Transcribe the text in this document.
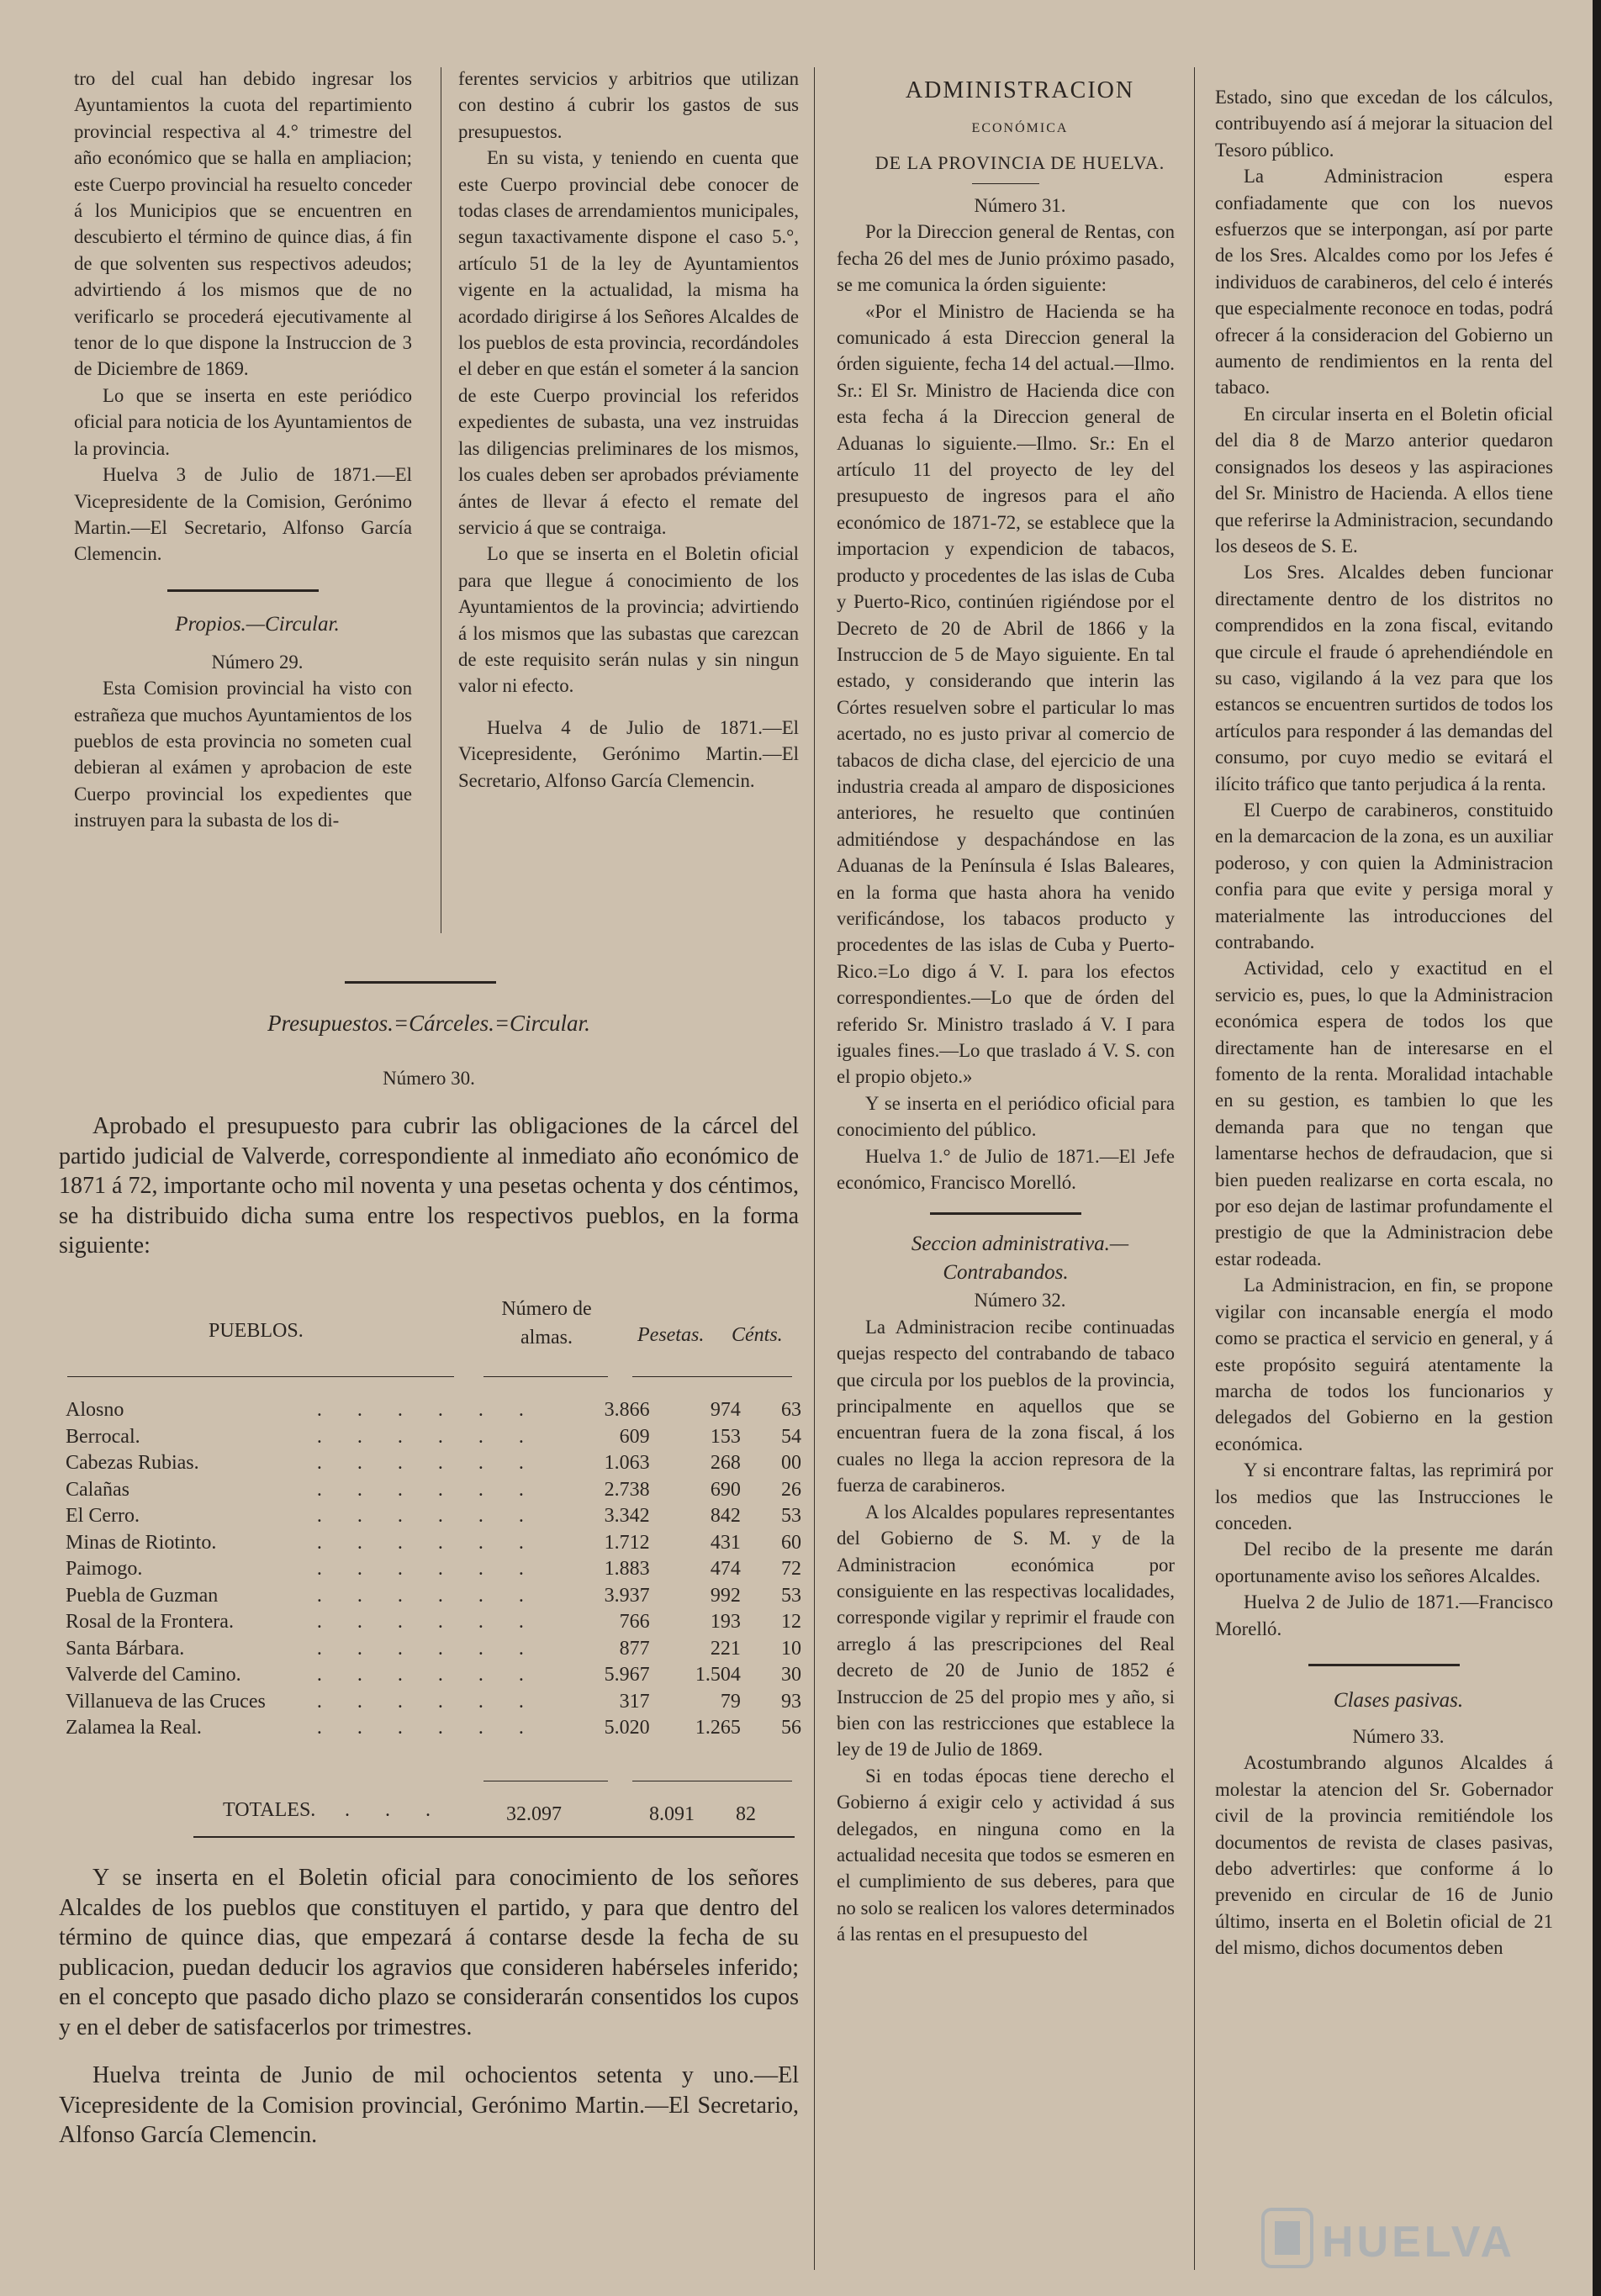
tro del cual han debido ingresar los Ayuntamientos la cuota del repartimiento provincial respectiva al 4.° trimestre del año económico que se halla en ampliacion; este Cuerpo provincial ha resuelto conceder á los Municipios que se encuentren en descubierto el término de quince dias, á fin de que solventen sus respectivos adeudos; advirtiendo á los mismos que de no verificarlo se procederá ejecutivamente al tenor de lo que dispone la Instruccion de 3 de Diciembre de 1869.

Lo que se inserta en este periódico oficial para noticia de los Ayuntamientos de la provincia.

Huelva 3 de Julio de 1871.—El Vicepresidente de la Comision, Gerónimo Martin.—El Secretario, Alfonso García Clemencin.

Propios.—Circular.

Número 29.

Esta Comision provincial ha visto con estrañeza que muchos Ayuntamientos de los pueblos de esta provincia no someten cual debieran al exámen y aprobacion de este Cuerpo provincial los expedientes que instruyen para la subasta de los di-

ferentes servicios y arbitrios que utilizan con destino á cubrir los gastos de sus presupuestos.

En su vista, y teniendo en cuenta que este Cuerpo provincial debe conocer de todas clases de arrendamientos municipales, segun taxactivamente dispone el caso 5.°, artículo 51 de la ley de Ayuntamientos vigente en la actualidad, la misma ha acordado dirigirse á los Señores Alcaldes de los pueblos de esta provincia, recordándoles el deber en que están el someter á la sancion de este Cuerpo provincial los referidos expedientes de subasta, una vez instruidas las diligencias preliminares de los mismos, los cuales deben ser aprobados préviamente ántes de llevar á efecto el remate del servicio á que se contraiga.

Lo que se inserta en el Boletin oficial para que llegue á conocimiento de los Ayuntamientos de la provincia; advirtiendo á los mismos que las subastas que carezcan de este requisito serán nulas y sin ningun valor ni efecto.

Huelva 4 de Julio de 1871.—El Vicepresidente, Gerónimo Martin.—El Secretario, Alfonso García Clemencin.

Presupuestos.=Cárceles.=Circular.

Número 30.

Aprobado el presupuesto para cubrir las obligaciones de la cárcel del partido judicial de Valverde, correspondiente al inmediato año económico de 1871 á 72, importante ocho mil noventa y una pesetas ochenta y dos céntimos, se ha distribuido dicha suma entre los respectivos pueblos, en la forma siguiente:

PUEBLOS.
Número de almas.	Pesetas. Cénts.
Alosno	. . . . . .	3.866	974	63
Berrocal.	. . . . . .	609	153	54
Cabezas Rubias.	. . . . . .	1.063	268	00
Calañas	. . . . . .	2.738	690	26
El Cerro.	. . . . . .	3.342	842	53
Minas de Riotinto.	. . . . . .	1.712	431	60
Paimogo.	. . . . . .	1.883	474	72
Puebla de Guzman	. . . . . .	3.937	992	53
Rosal de la Frontera.	. . . . . .	766	193	12
Santa Bárbara.	. . . . . .	877	221	10
Valverde del Camino.	. . . . . .	5.967	1.504	30
Villanueva de las Cruces	. . . . . .	317	79	93
Zalamea la Real.	. . . . . .	5.020	1.265	56
TOTALES. . . .	32.097	8.091 82

Y se inserta en el Boletin oficial para conocimiento de los señores Alcaldes de los pueblos que constituyen el partido, y para que dentro del término de quince dias, que empezará á contarse desde la fecha de su publicacion, puedan deducir los agravios que consideren habérseles inferido; en el concepto que pasado dicho plazo se considerarán consentidos los cupos y en el deber de satisfacerlos por trimestres.

Huelva treinta de Junio de mil ochocientos setenta y uno.—El Vicepresidente de la Comision provincial, Gerónimo Martin.—El Secretario, Alfonso García Clemencin.

ADMINISTRACION

ECONÓMICA

DE LA PROVINCIA DE HUELVA.

Número 31.

Por la Direccion general de Rentas, con fecha 26 del mes de Junio próximo pasado, se me comunica la órden siguiente:

«Por el Ministro de Hacienda se ha comunicado á esta Direccion general la órden siguiente, fecha 14 del actual.—Ilmo. Sr.: El Sr. Ministro de Hacienda dice con esta fecha á la Direccion general de Aduanas lo siguiente.—Ilmo. Sr.: En el artículo 11 del proyecto de ley del presupuesto de ingresos para el año económico de 1871-72, se establece que la importacion y expendicion de tabacos, producto y procedentes de las islas de Cuba y Puerto-Rico, continúen rigiéndose por el Decreto de 20 de Abril de 1866 y la Instruccion de 5 de Mayo siguiente. En tal estado, y considerando que interin las Córtes resuelven sobre el particular lo mas acertado, no es justo privar al comercio de tabacos de dicha clase, del ejercicio de una industria creada al amparo de disposiciones anteriores, he resuelto que continúen admitiéndose y despachándose en las Aduanas de la Península é Islas Baleares, en la forma que hasta ahora ha venido verificándose, los tabacos producto y procedentes de las islas de Cuba y Puerto-Rico.=Lo digo á V. I. para los efectos correspondientes.—Lo que de órden del referido Sr. Ministro traslado á V. I para iguales fines.—Lo que traslado á V. S. con el propio objeto.»

Y se inserta en el periódico oficial para conocimiento del público.

Huelva 1.° de Julio de 1871.—El Jefe económico, Francisco Morelló.

Seccion administrativa.—Contrabandos.

Número 32.

La Administracion recibe continuadas quejas respecto del contrabando de tabaco que circula por los pueblos de la provincia, principalmente en aquellos que se encuentran fuera de la zona fiscal, á los cuales no llega la accion represora de la fuerza de carabineros.

A los Alcaldes populares representantes del Gobierno de S. M. y de la Administracion económica por consiguiente en las respectivas localidades, corresponde vigilar y reprimir el fraude con arreglo á las prescripciones del Real decreto de 20 de Junio de 1852 é Instruccion de 25 del propio mes y año, si bien con las restricciones que establece la ley de 19 de Julio de 1869.

Si en todas épocas tiene derecho el Gobierno á exigir celo y actividad á sus delegados, en ninguna como en la actualidad necesita que todos se esmeren en el cumplimiento de sus deberes, para que no solo se realicen los valores determinados á las rentas en el presupuesto del

Estado, sino que excedan de los cálculos, contribuyendo así á mejorar la situacion del Tesoro público.

La Administracion espera confiadamente que con los nuevos esfuerzos que se interpongan, así por parte de los Sres. Alcaldes como por los Jefes é individuos de carabineros, del celo é interés que especialmente reconoce en todas, podrá ofrecer á la consideracion del Gobierno un aumento de rendimientos en la renta del tabaco.

En circular inserta en el Boletin oficial del dia 8 de Marzo anterior quedaron consignados los deseos y las aspiraciones del Sr. Ministro de Hacienda. A ellos tiene que referirse la Administracion, secundando los deseos de S. E.

Los Sres. Alcaldes deben funcionar directamente dentro de los distritos no comprendidos en la zona fiscal, evitando que circule el fraude ó aprehendiéndole en su caso, vigilando á la vez para que los estancos se encuentren surtidos de todos los artículos para responder á las demandas del consumo, por cuyo medio se evitará el ilícito tráfico que tanto perjudica á la renta.

El Cuerpo de carabineros, constituido en la demarcacion de la zona, es un auxiliar poderoso, y con quien la Administracion confia para que evite y persiga moral y materialmente las introducciones del contrabando.

Actividad, celo y exactitud en el servicio es, pues, lo que la Administracion económica espera de todos los que directamente han de interesarse en el fomento de la renta. Moralidad intachable en su gestion, es tambien lo que les demanda para que no tengan que lamentarse hechos de defraudacion, que si bien pueden realizarse en corta escala, no por eso dejan de lastimar profundamente el prestigio de que la Administracion debe estar rodeada.

La Administracion, en fin, se propone vigilar con incansable energía el modo como se practica el servicio en general, y á este propósito seguirá atentamente la marcha de todos los funcionarios y delegados del Gobierno en la gestion económica.

Y si encontrare faltas, las reprimirá por los medios que las Instrucciones le conceden.

Del recibo de la presente me darán oportunamente aviso los señores Alcaldes.

Huelva 2 de Julio de 1871.—Francisco Morelló.

Clases pasivas.

Número 33.

Acostumbrando algunos Alcaldes á molestar la atencion del Sr. Gobernador civil de la provincia remitiéndole los documentos de revista de clases pasivas, debo advertirles: que conforme á lo prevenido en circular de 16 de Junio último, inserta en el Boletin oficial de 21 del mismo, dichos documentos deben

HUELVA
